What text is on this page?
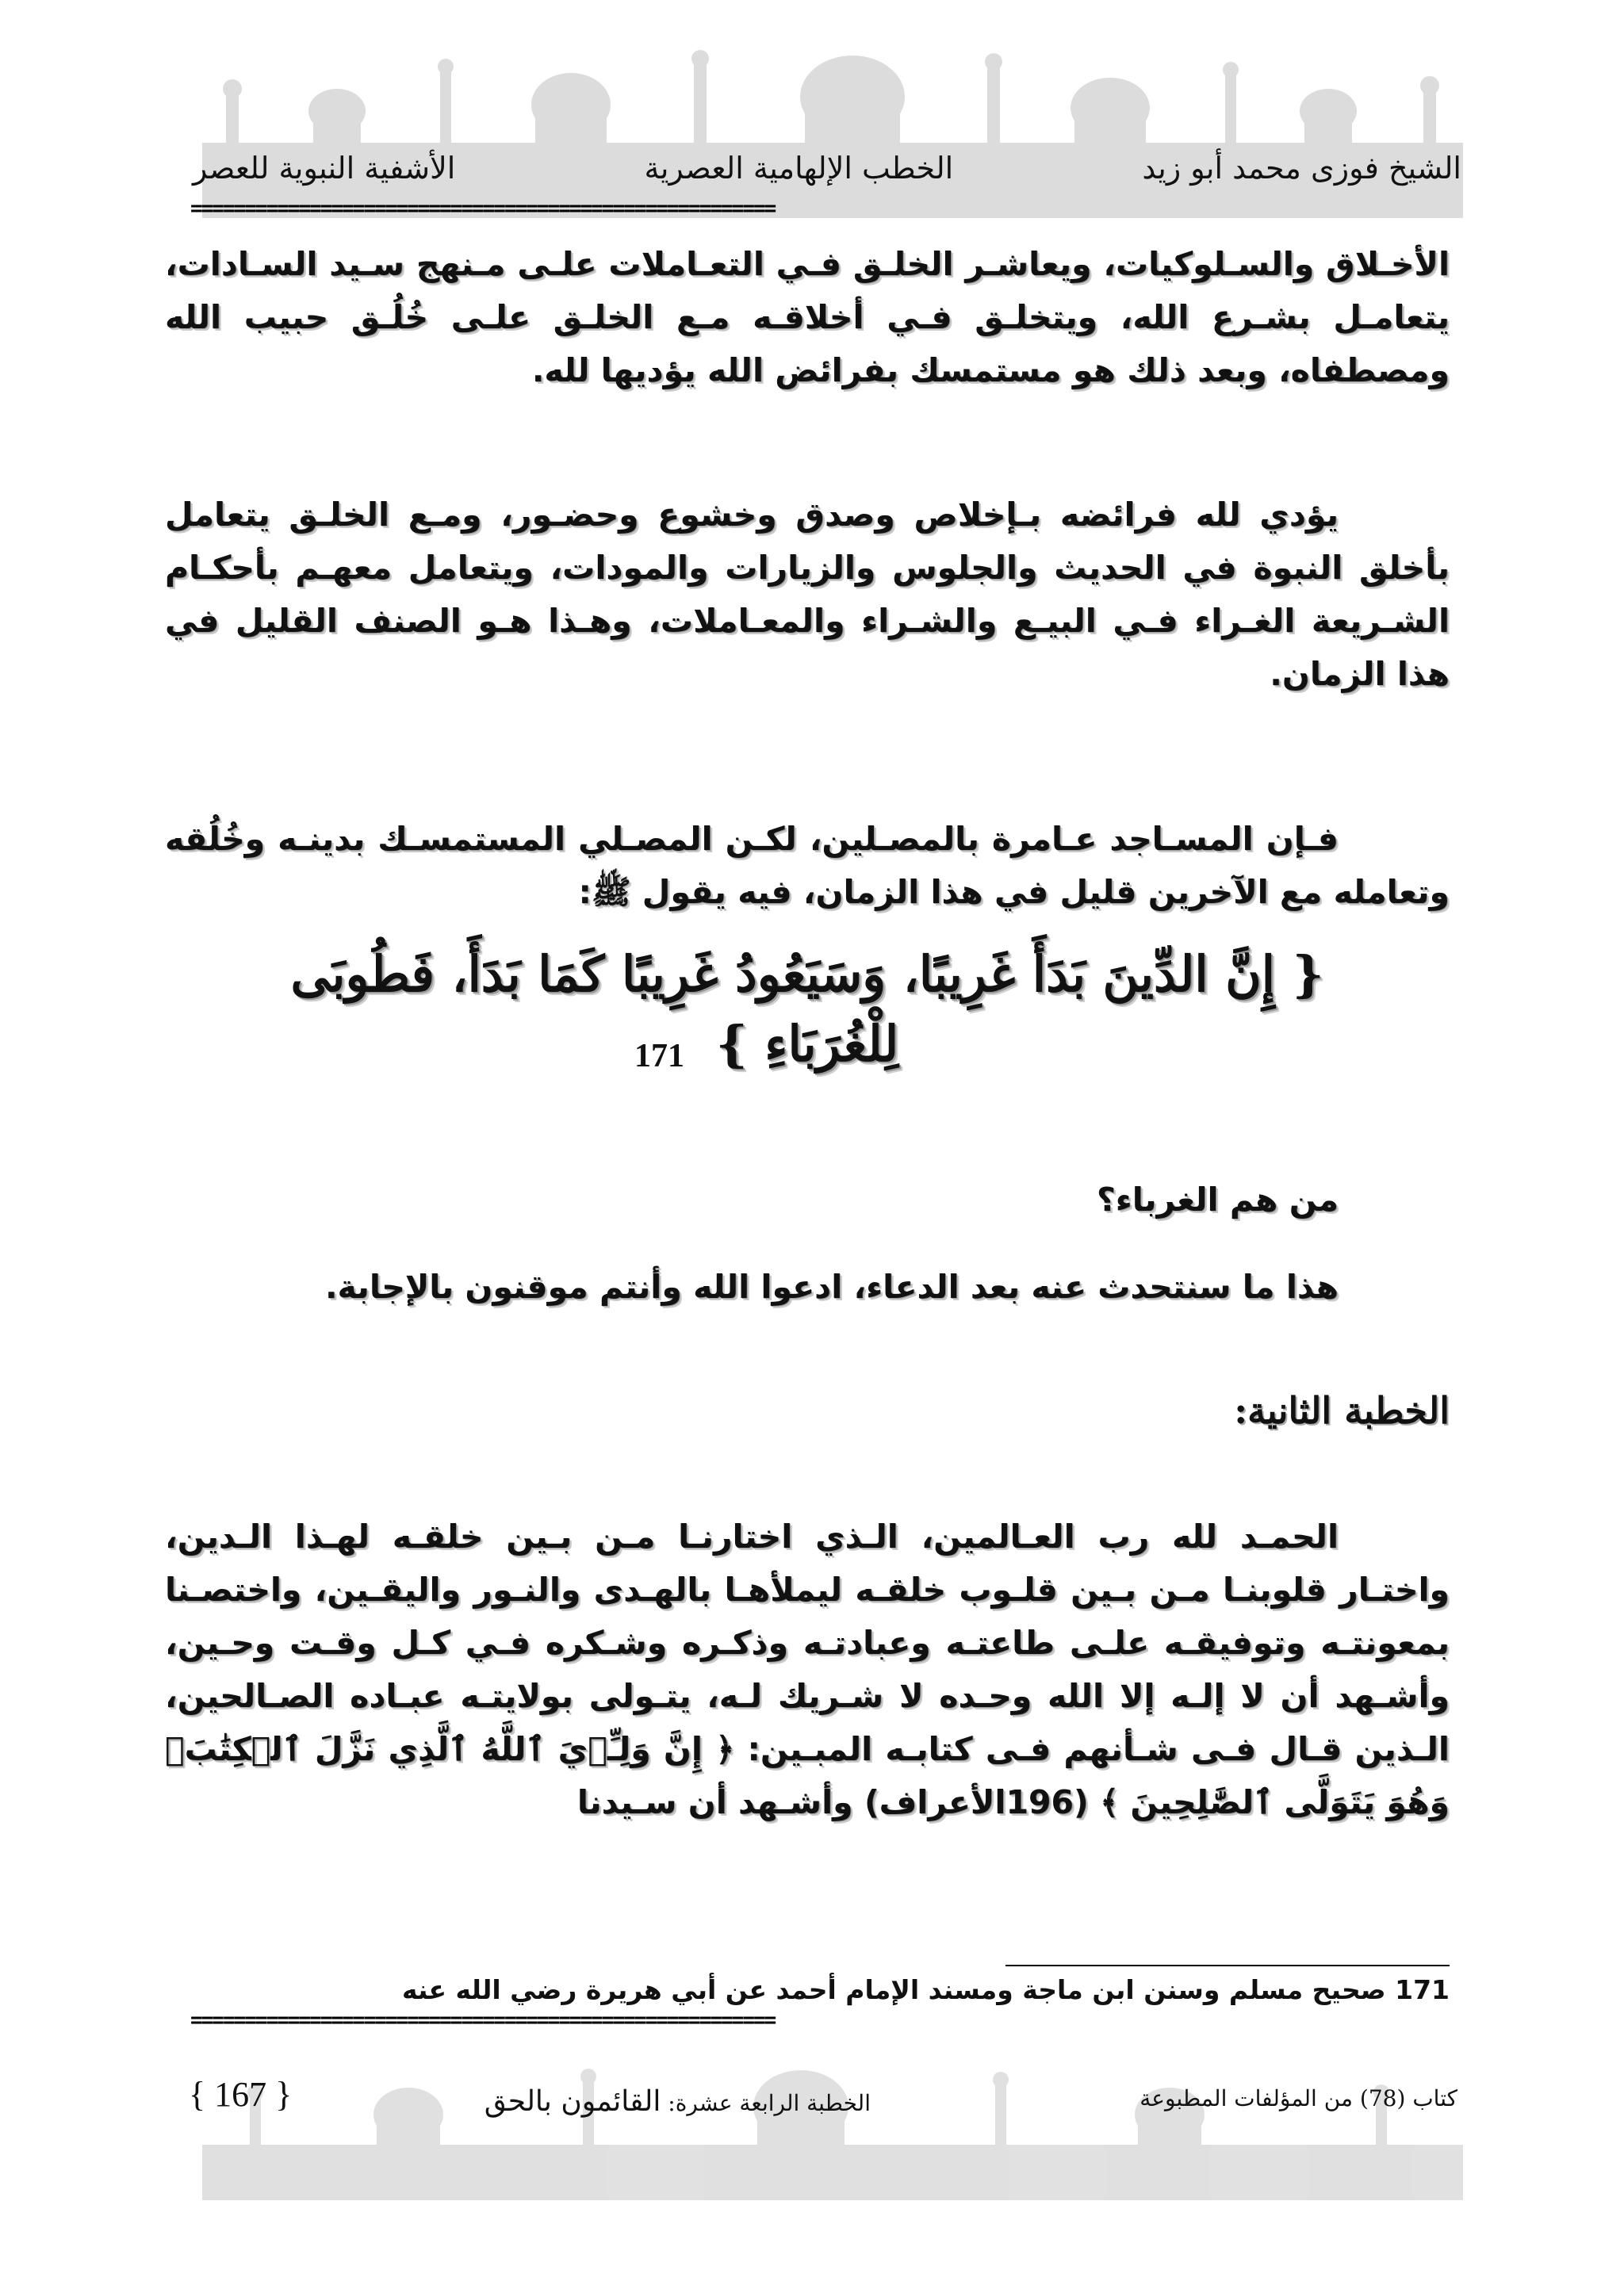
الشيخ فوزى محمد أبو زيد
الخطب الإلهامية العصرية
الأشفية النبوية للعصر
======================================================

الأخـلاق والسـلوكيات، ويعاشـر الخلـق فـي التعـاملات علـى مـنهج سـيد السـادات، يتعامـل بشـرع الله، ويتخلـق فـي أخلاقـه مـع الخلـق علـى خُلُـق حبيب الله ومصطفاه، وبعد ذلك هو مستمسك بفرائض الله يؤديها لله.

يؤدي لله فرائضه بـإخلاص وصدق وخشوع وحضـور، ومـع الخلـق يتعامل بأخلق النبوة في الحديث والجلوس والزيارات والمودات، ويتعامل معهـم بأحكـام الشـريعة الغـراء فـي البيـع والشـراء والمعـاملات، وهـذا هـو الصنف القليل في هذا الزمان.

فـإن المسـاجد عـامرة بالمصـلين، لكـن المصـلي المستمسـك بدينـه وخُلُقه وتعامله مع الآخرين قليل في هذا الزمان، فيه يقول ﷺ:

{ إِنَّ الدِّينَ بَدَأَ غَرِيبًا، وَسَيَعُودُ غَرِيبًا كَمَا بَدَأَ، فَطُوبَى
لِلْغُرَبَاءِ }
171

من هم الغرباء؟

هذا ما سنتحدث عنه بعد الدعاء، ادعوا الله وأنتم موقنون بالإجابة.

الخطبة الثانية:

الحمـد لله رب العـالمين، الـذي اختارنـا مـن بـين خلقـه لهـذا الـدين، واختـار قلوبنـا مـن بـين قلـوب خلقـه ليملأهـا بالهـدى والنـور واليقـين، واختصـنا بمعونتـه وتوفيقـه علـى طاعتـه وعبادتـه وذكـره وشـكره فـي كـل وقـت وحـين، وأشـهد أن لا إلـه إلا الله وحـده لا شـريك لـه، يتـولى بولايتـه عبـاده الصـالحين، الـذين قـال فـى شـأنهم فـى كتابـه المبـين: ﴿ إِنَّ وَلِـِّۦيَ ٱللَّهُ ٱلَّذِي نَزَّلَ ٱلۡكِتَٰبَۖ وَهُوَ يَتَوَلَّى ٱلصَّٰلِحِينَ ﴾ (196الأعراف) وأشـهد أن سـيدنا

171 صحيح مسلم وسنن ابن ماجة ومسند الإمام أحمد عن أبي هريرة رضي الله عنه
======================================================
كتاب (78) من المؤلفات المطبوعة
الخطبة الرابعة عشرة: القائمون بالحق
{ 167 }
